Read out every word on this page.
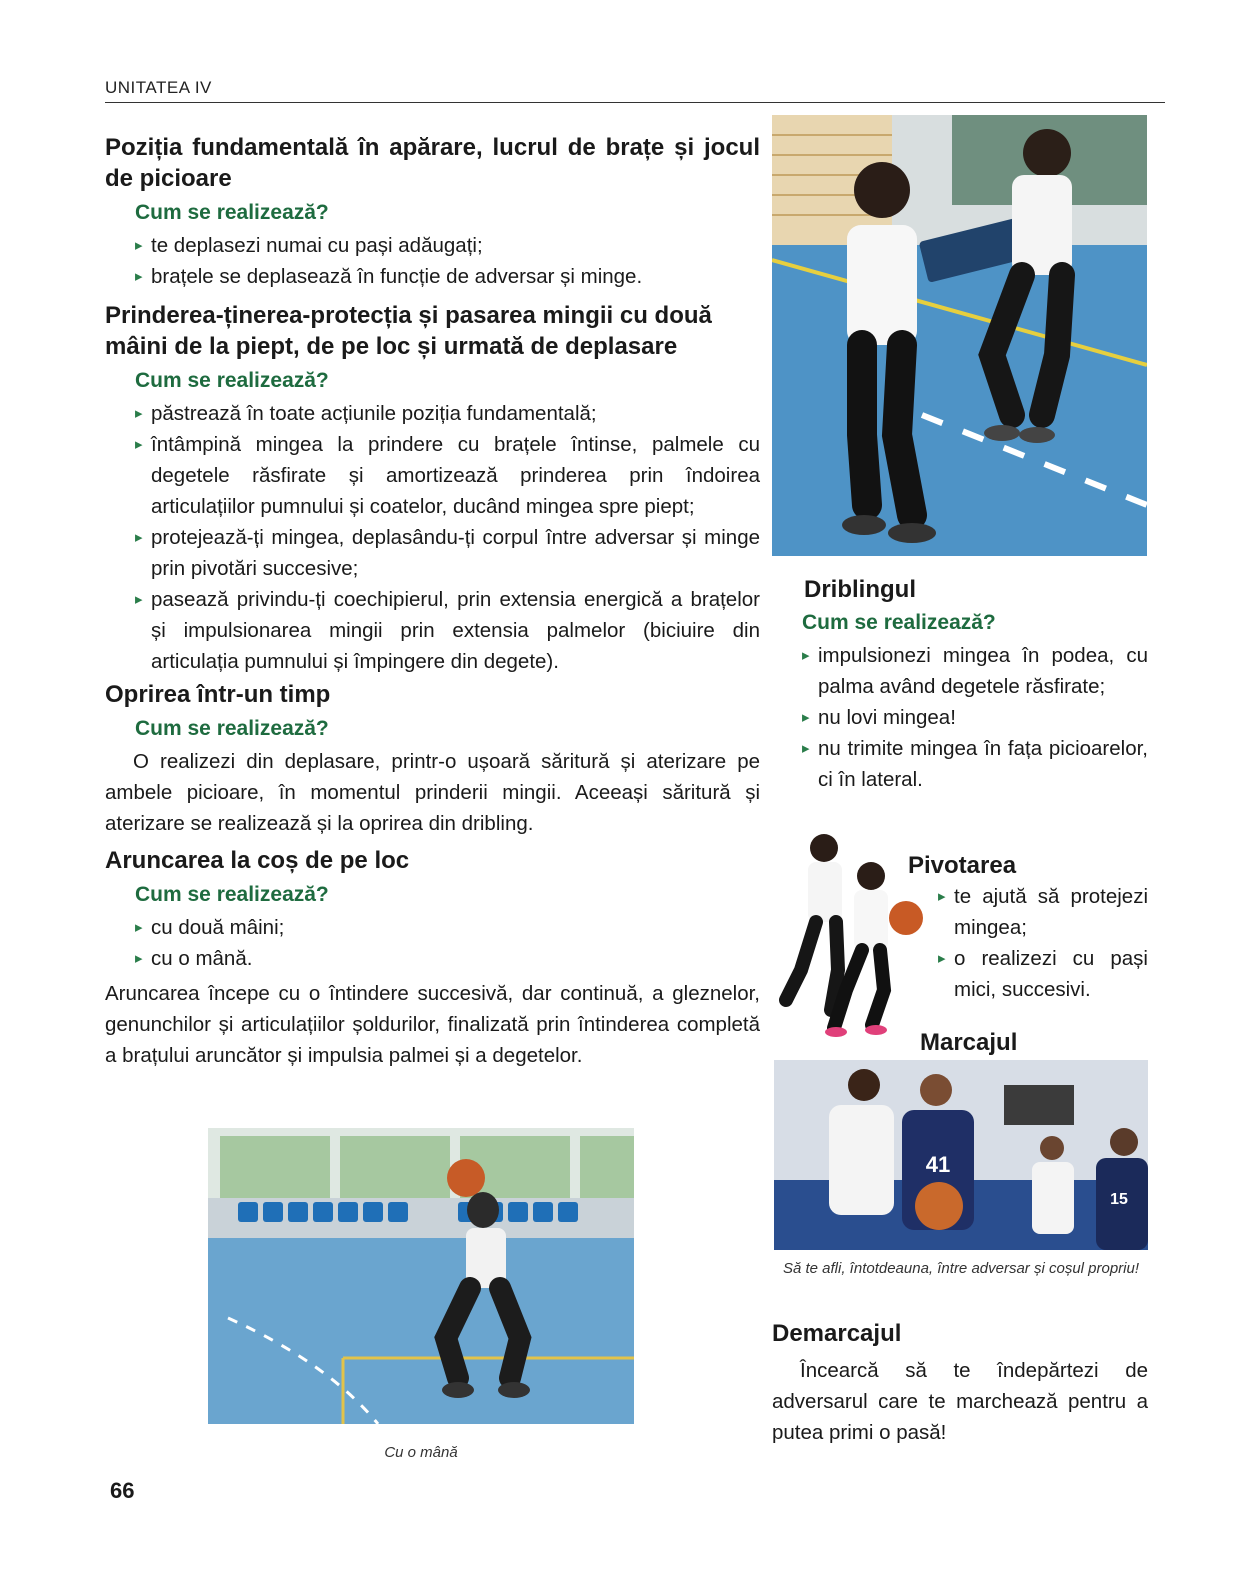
UNITATEA IV

Poziția fundamentală în apărare, lucrul de brațe și jocul de picioare

Cum se realizează?

▸ te deplasezi numai cu pași adăugați;
▸ brațele se deplasează în funcție de adversar și minge.

Prinderea-ținerea-protecția și pasarea mingii cu două mâini de la piept, de pe loc și urmată de deplasare

Cum se realizează?

▸ păstrează în toate acțiunile poziția fundamentală;
▸ întâmpină mingea la prindere cu brațele întinse, palmele cu degetele răsfirate și amortizează prinderea prin îndoirea articulațiilor pumnului și coatelor, ducând mingea spre piept;
▸ protejează-ți mingea, deplasându-ți corpul între adversar și minge prin pivotări succesive;
▸ pasează privindu-ți coechipierul, prin extensia energică a brațelor și impulsionarea mingii prin extensia palmelor (biciuire din articulația pumnului și împingere din degete).

Oprirea într-un timp

Cum se realizează?

O realizezi din deplasare, printr-o ușoară săritură și aterizare pe ambele picioare, în momentul prinderii mingii. Aceeași săritură și aterizare se realizează și la oprirea din dribling.

Aruncarea la coș de pe loc

Cum se realizează?

▸ cu două mâini;
▸ cu o mână.

Aruncarea începe cu o întindere succesivă, dar continuă, a gleznelor, genunchilor și articulațiilor șoldurilor, finalizată prin întinderea completă a brațului aruncător și impulsia palmei și a degetelor.

Cu o mână

Driblingul

Cum se realizează?

▸ impulsionezi mingea în podea, cu palma având degetele răsfirate;
▸ nu lovi mingea!
▸ nu trimite mingea în fața picioarelor, ci în lateral.

Pivotarea

▸ te ajută să protejezi mingea;
▸ o realizezi cu pași mici, succesivi.

Marcajul

41
15
Să te afli, întotdeauna, între adversar și coșul propriu!

Demarcajul

Încearcă să te îndepărtezi de adversarul care te marchează pentru a putea primi o pasă!

66
